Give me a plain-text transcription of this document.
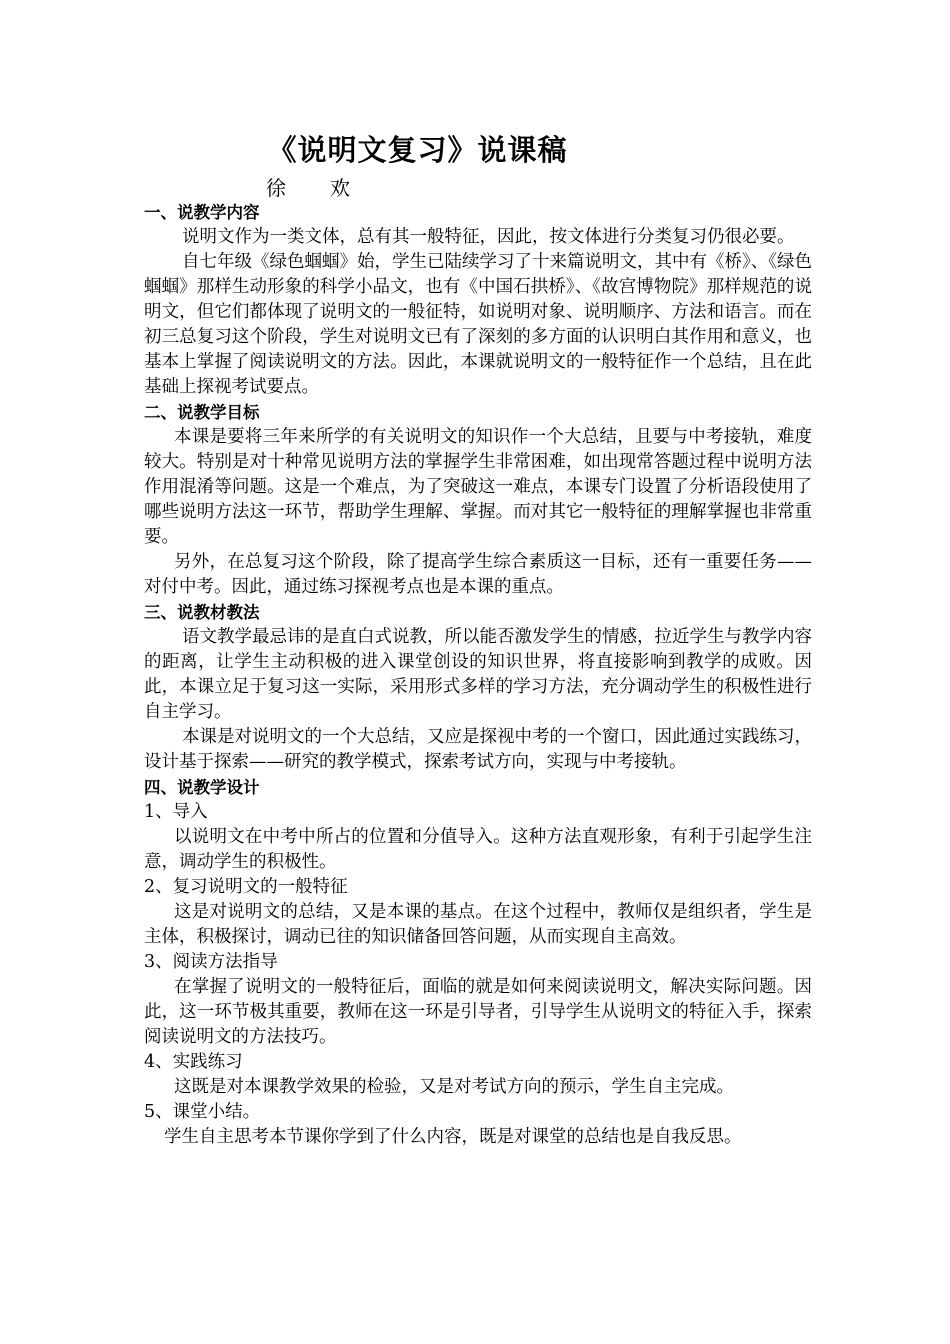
《说明文复习》说课稿
徐 欢

一、说教学内容

说明文作为一类文体，总有其一般特征，因此，按文体进行分类复习仍很必要。

自七年级《绿色蝈蝈》始，学生已陆续学习了十来篇说明文，其中有《桥》、《绿色蝈蝈》那样生动形象的科学小品文，也有《中国石拱桥》、《故宫博物院》那样规范的说明文，但它们都体现了说明文的一般征特，如说明对象、说明顺序、方法和语言。而在初三总复习这个阶段，学生对说明文已有了深刻的多方面的认识明白其作用和意义，也基本上掌握了阅读说明文的方法。因此，本课就说明文的一般特征作一个总结，且在此基础上探视考试要点。

二、说教学目标

本课是要将三年来所学的有关说明文的知识作一个大总结，且要与中考接轨，难度较大。特别是对十种常见说明方法的掌握学生非常困难，如出现常答题过程中说明方法作用混淆等问题。这是一个难点，为了突破这一难点，本课专门设置了分析语段使用了哪些说明方法这一环节，帮助学生理解、掌握。而对其它一般特征的理解掌握也非常重要。

另外，在总复习这个阶段，除了提高学生综合素质这一目标，还有一重要任务——对付中考。因此，通过练习探视考点也是本课的重点。

三、说教材教法

语文教学最忌讳的是直白式说教，所以能否激发学生的情感，拉近学生与教学内容的距离，让学生主动积极的进入课堂创设的知识世界，将直接影响到教学的成败。因此，本课立足于复习这一实际，采用形式多样的学习方法，充分调动学生的积极性进行自主学习。

本课是对说明文的一个大总结，又应是探视中考的一个窗口，因此通过实践练习，设计基于探索——研究的教学模式，探索考试方向，实现与中考接轨。

四、说教学设计

1、导入

以说明文在中考中所占的位置和分值导入。这种方法直观形象，有利于引起学生注意，调动学生的积极性。

2、复习说明文的一般特征

这是对说明文的总结，又是本课的基点。在这个过程中，教师仅是组织者，学生是主体，积极探讨，调动已往的知识储备回答问题，从而实现自主高效。

3、阅读方法指导

在掌握了说明文的一般特征后，面临的就是如何来阅读说明文，解决实际问题。因此，这一环节极其重要，教师在这一环是引导者，引导学生从说明文的特征入手，探索阅读说明文的方法技巧。

4、实践练习

这既是对本课教学效果的检验，又是对考试方向的预示，学生自主完成。

5、课堂小结。

学生自主思考本节课你学到了什么内容，既是对课堂的总结也是自我反思。
